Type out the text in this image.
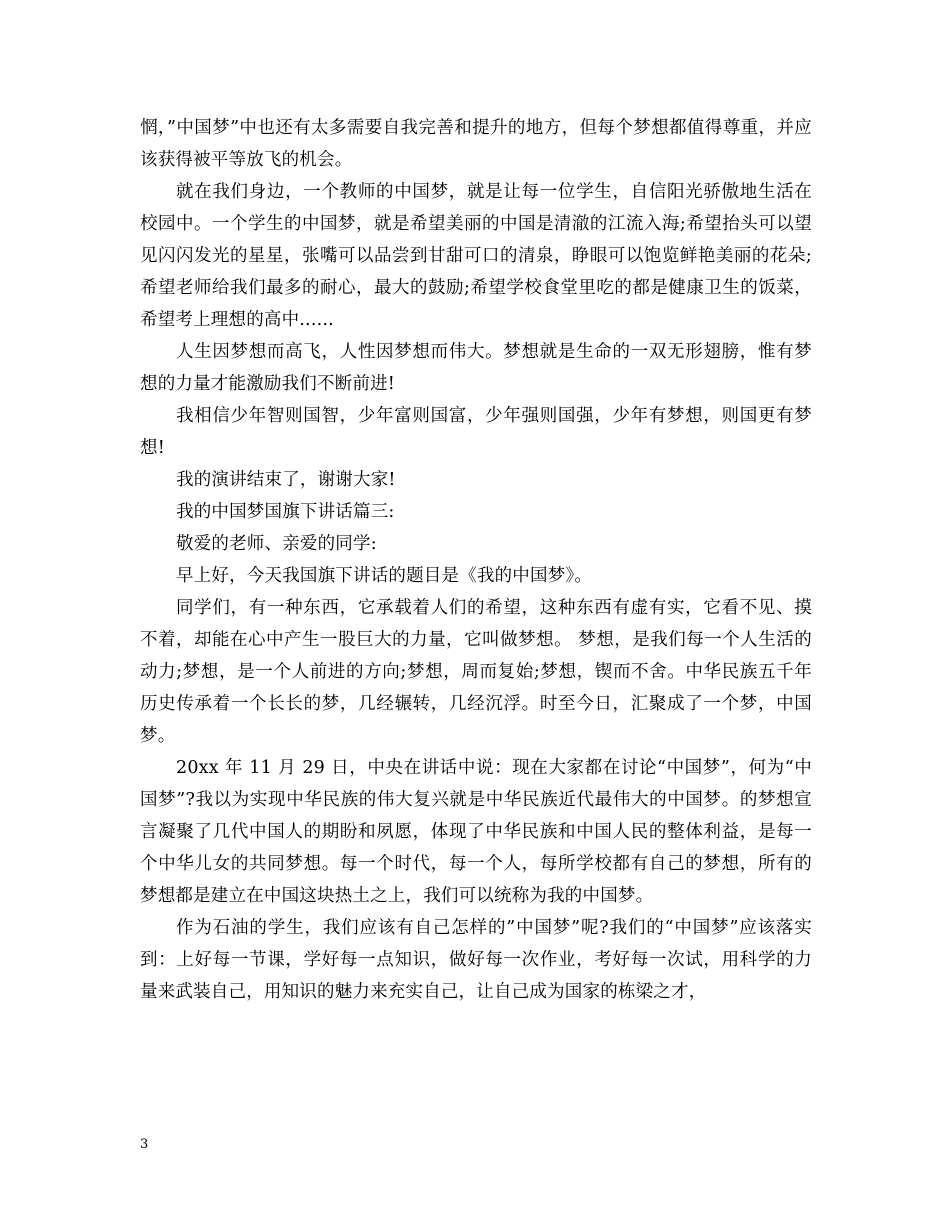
惘，”中国梦”中也还有太多需要自我完善和提升的地方，但每个梦想都值得尊重，并应该获得被平等放飞的机会。

就在我们身边，一个教师的中国梦，就是让每一位学生，自信阳光骄傲地生活在校园中。一个学生的中国梦，就是希望美丽的中国是清澈的江流入海;希望抬头可以望见闪闪发光的星星，张嘴可以品尝到甘甜可口的清泉，睁眼可以饱览鲜艳美丽的花朵;希望老师给我们最多的耐心，最大的鼓励;希望学校食堂里吃的都是健康卫生的饭菜，希望考上理想的高中......

人生因梦想而高飞，人性因梦想而伟大。梦想就是生命的一双无形翅膀，惟有梦想的力量才能激励我们不断前进!

我相信少年智则国智，少年富则国富，少年强则国强，少年有梦想，则国更有梦想!

我的演讲结束了，谢谢大家!

我的中国梦国旗下讲话篇三:

敬爱的老师、亲爱的同学:

早上好，今天我国旗下讲话的题目是《我的中国梦》。

同学们，有一种东西，它承载着人们的希望，这种东西有虚有实，它看不见、摸不着，却能在心中产生一股巨大的力量，它叫做梦想。 梦想，是我们每一个人生活的动力;梦想，是一个人前进的方向;梦想，周而复始;梦想，锲而不舍。中华民族五千年历史传承着一个长长的梦，几经辗转，几经沉浮。时至今日，汇聚成了一个梦，中国梦。

20xx 年 11 月 29 日，中央在讲话中说：现在大家都在讨论“中国梦”，何为“中国梦”?我以为实现中华民族的伟大复兴就是中华民族近代最伟大的中国梦。的梦想宣言凝聚了几代中国人的期盼和夙愿，体现了中华民族和中国人民的整体利益，是每一个中华儿女的共同梦想。每一个时代，每一个人，每所学校都有自己的梦想，所有的梦想都是建立在中国这块热土之上，我们可以统称为我的中国梦。

作为石油的学生，我们应该有自己怎样的”中国梦”呢?我们的“中国梦”应该落实到：上好每一节课，学好每一点知识，做好每一次作业，考好每一次试，用科学的力量来武装自己，用知识的魅力来充实自己，让自己成为国家的栋梁之才，

3
